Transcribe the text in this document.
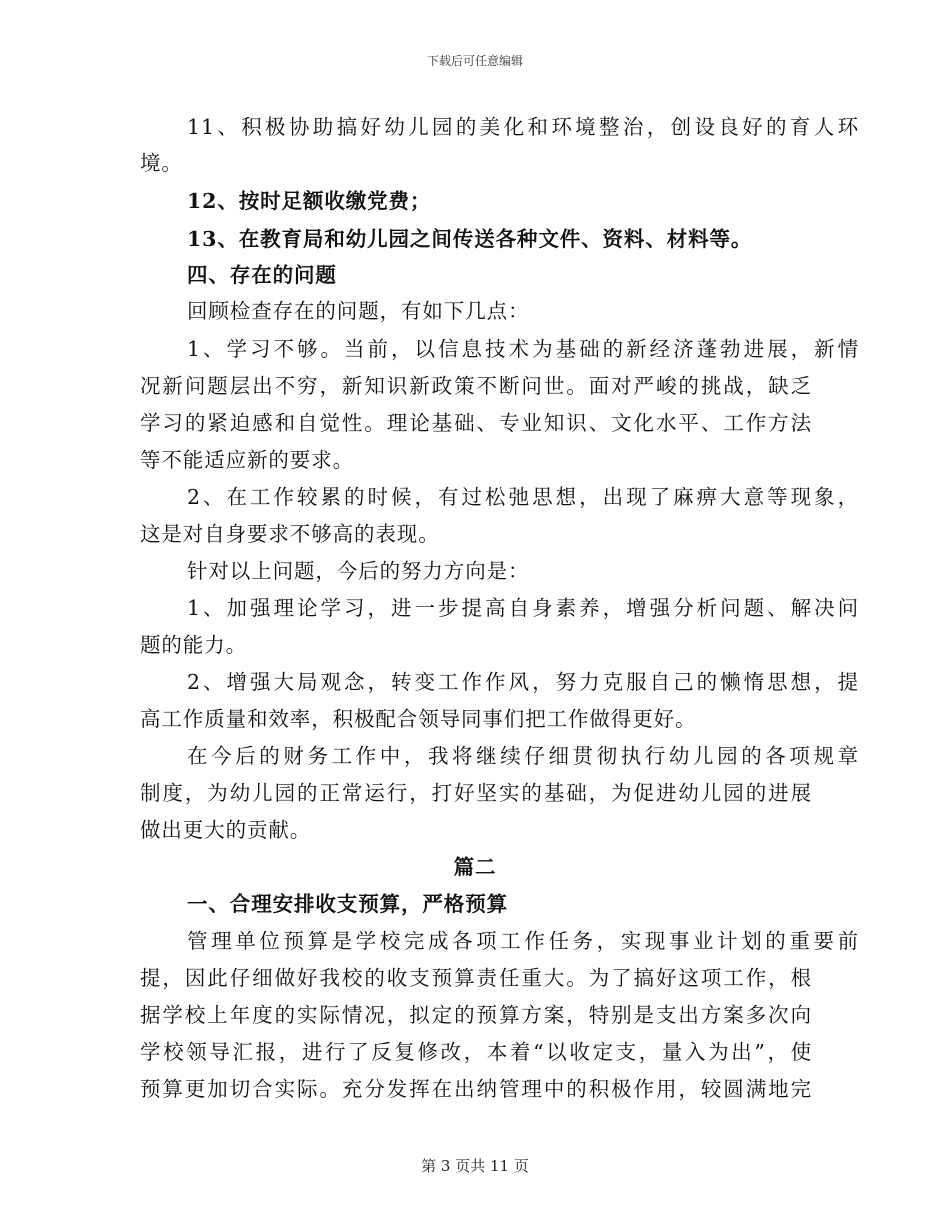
下载后可任意编辑
11、积极协助搞好幼儿园的美化和环境整治，创设良好的育人环
境。
12、按时足额收缴党费；
13、在教育局和幼儿园之间传送各种文件、资料、材料等。
四、存在的问题
回顾检查存在的问题，有如下几点：
1、学习不够。当前，以信息技术为基础的新经济蓬勃进展，新情
况新问题层出不穷，新知识新政策不断问世。面对严峻的挑战，缺乏
学习的紧迫感和自觉性。理论基础、专业知识、文化水平、工作方法
等不能适应新的要求。
2、在工作较累的时候，有过松弛思想，出现了麻痹大意等现象，
这是对自身要求不够高的表现。
针对以上问题，今后的努力方向是：
1、加强理论学习，进一步提高自身素养，增强分析问题、解决问
题的能力。
2、增强大局观念，转变工作作风，努力克服自己的懒惰思想，提
高工作质量和效率，积极配合领导同事们把工作做得更好。
在今后的财务工作中，我将继续仔细贯彻执行幼儿园的各项规章
制度，为幼儿园的正常运行，打好坚实的基础，为促进幼儿园的进展
做出更大的贡献。
篇二
一、合理安排收支预算，严格预算
管理单位预算是学校完成各项工作任务，实现事业计划的重要前
提，因此仔细做好我校的收支预算责任重大。为了搞好这项工作，根
据学校上年度的实际情况，拟定的预算方案，特别是支出方案多次向
学校领导汇报，进行了反复修改，本着“以收定支，量入为出”，使
预算更加切合实际。充分发挥在出纳管理中的积极作用，较圆满地完
第 3 页共 11 页
